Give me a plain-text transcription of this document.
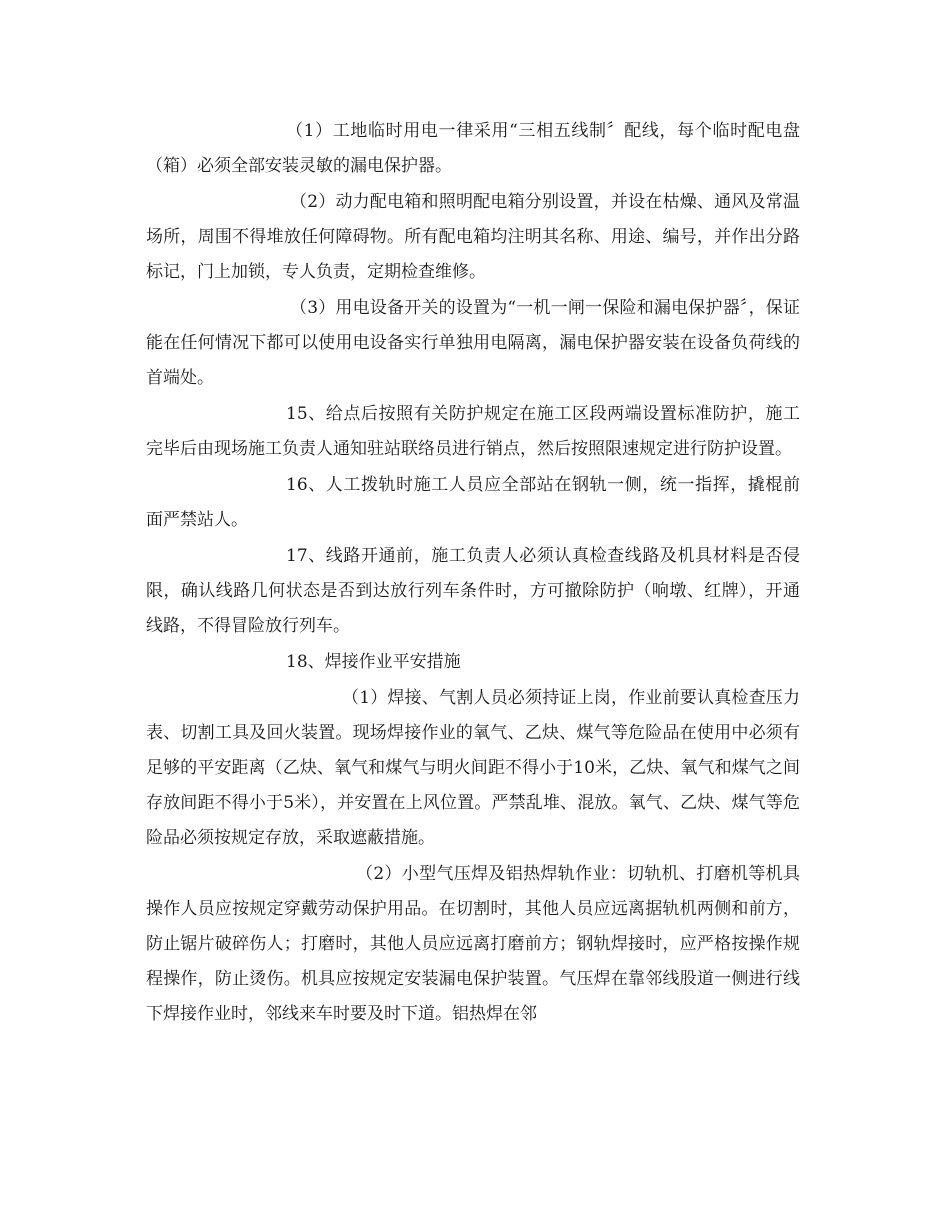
（1）工地临时用电一律采用“三相五线制〞配线，每个临时配电盘（箱）必须全部安装灵敏的漏电保护器。

（2）动力配电箱和照明配电箱分别设置，并设在枯燥、通风及常温场所，周围不得堆放任何障碍物。所有配电箱均注明其名称、用途、编号，并作出分路标记，门上加锁，专人负责，定期检查维修。

（3）用电设备开关的设置为“一机一闸一保险和漏电保护器〞，保证能在任何情况下都可以使用电设备实行单独用电隔离，漏电保护器安装在设备负荷线的首端处。

15、给点后按照有关防护规定在施工区段两端设置标准防护，施工完毕后由现场施工负责人通知驻站联络员进行销点，然后按照限速规定进行防护设置。

16、人工拨轨时施工人员应全部站在钢轨一侧，统一指挥，撬棍前面严禁站人。

17、线路开通前，施工负责人必须认真检查线路及机具材料是否侵限，确认线路几何状态是否到达放行列车条件时，方可撤除防护（响墩、红牌），开通线路，不得冒险放行列车。

18、焊接作业平安措施

（1）焊接、气割人员必须持证上岗，作业前要认真检查压力表、切割工具及回火装置。现场焊接作业的氧气、乙炔、煤气等危险品在使用中必须有足够的平安距离（乙炔、氧气和煤气与明火间距不得小于10米，乙炔、氧气和煤气之间存放间距不得小于5米），并安置在上风位置。严禁乱堆、混放。氧气、乙炔、煤气等危险品必须按规定存放，采取遮蔽措施。

（2）小型气压焊及铝热焊轨作业：切轨机、打磨机等机具操作人员应按规定穿戴劳动保护用品。在切割时，其他人员应远离据轨机两侧和前方，防止锯片破碎伤人；打磨时，其他人员应远离打磨前方；钢轨焊接时，应严格按操作规程操作，防止烫伤。机具应按规定安装漏电保护装置。气压焊在靠邻线股道一侧进行线下焊接作业时，邻线来车时要及时下道。铝热焊在邻
